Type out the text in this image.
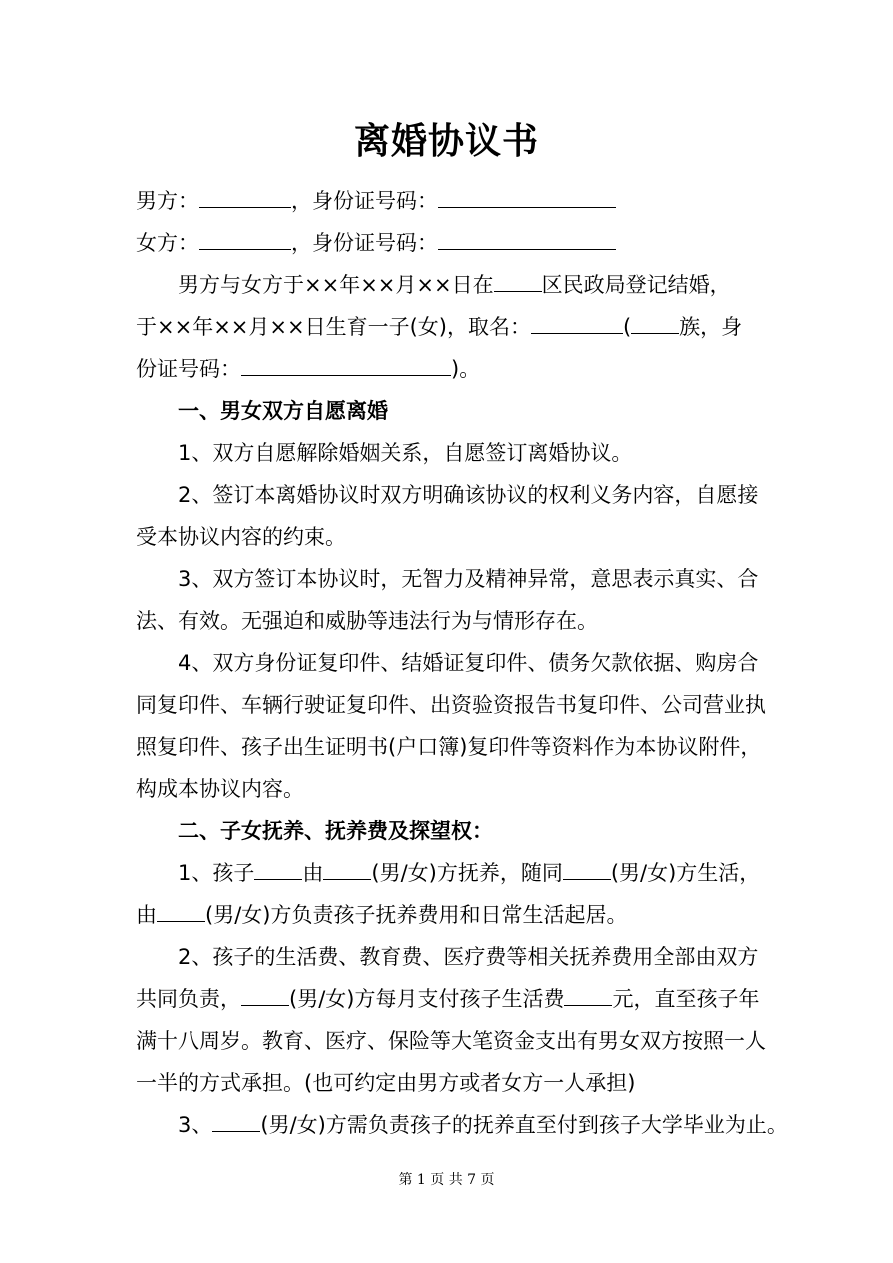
离婚协议书

男方：	，身份证号码：

女方：	，身份证号码：

男方与女方于××年××月××日在 区民政局登记结婚，

于××年××月××日生育一子(女)，取名：	( 族，身

份证号码：	)。

一、男女双方自愿离婚

1、双方自愿解除婚姻关系，自愿签订离婚协议。

2、签订本离婚协议时双方明确该协议的权利义务内容，自愿接

受本协议内容的约束。

3、双方签订本协议时，无智力及精神异常，意思表示真实、合

法、有效。无强迫和威胁等违法行为与情形存在。

4、双方身份证复印件、结婚证复印件、债务欠款依据、购房合

同复印件、车辆行驶证复印件、出资验资报告书复印件、公司营业执

照复印件、孩子出生证明书(户口簿)复印件等资料作为本协议附件，

构成本协议内容。

二、子女抚养、抚养费及探望权：

1、孩子 由 (男/女)方抚养，随同 (男/女)方生活，

由 (男/女)方负责孩子抚养费用和日常生活起居。

2、孩子的生活费、教育费、医疗费等相关抚养费用全部由双方

共同负责， (男/女)方每月支付孩子生活费 元，直至孩子年

满十八周岁。教育、医疗、保险等大笔资金支出有男女双方按照一人

一半的方式承担。(也可约定由男方或者女方一人承担)

3、 (男/女)方需负责孩子的抚养直至付到孩子大学毕业为止。

第 1 页 共 7 页
